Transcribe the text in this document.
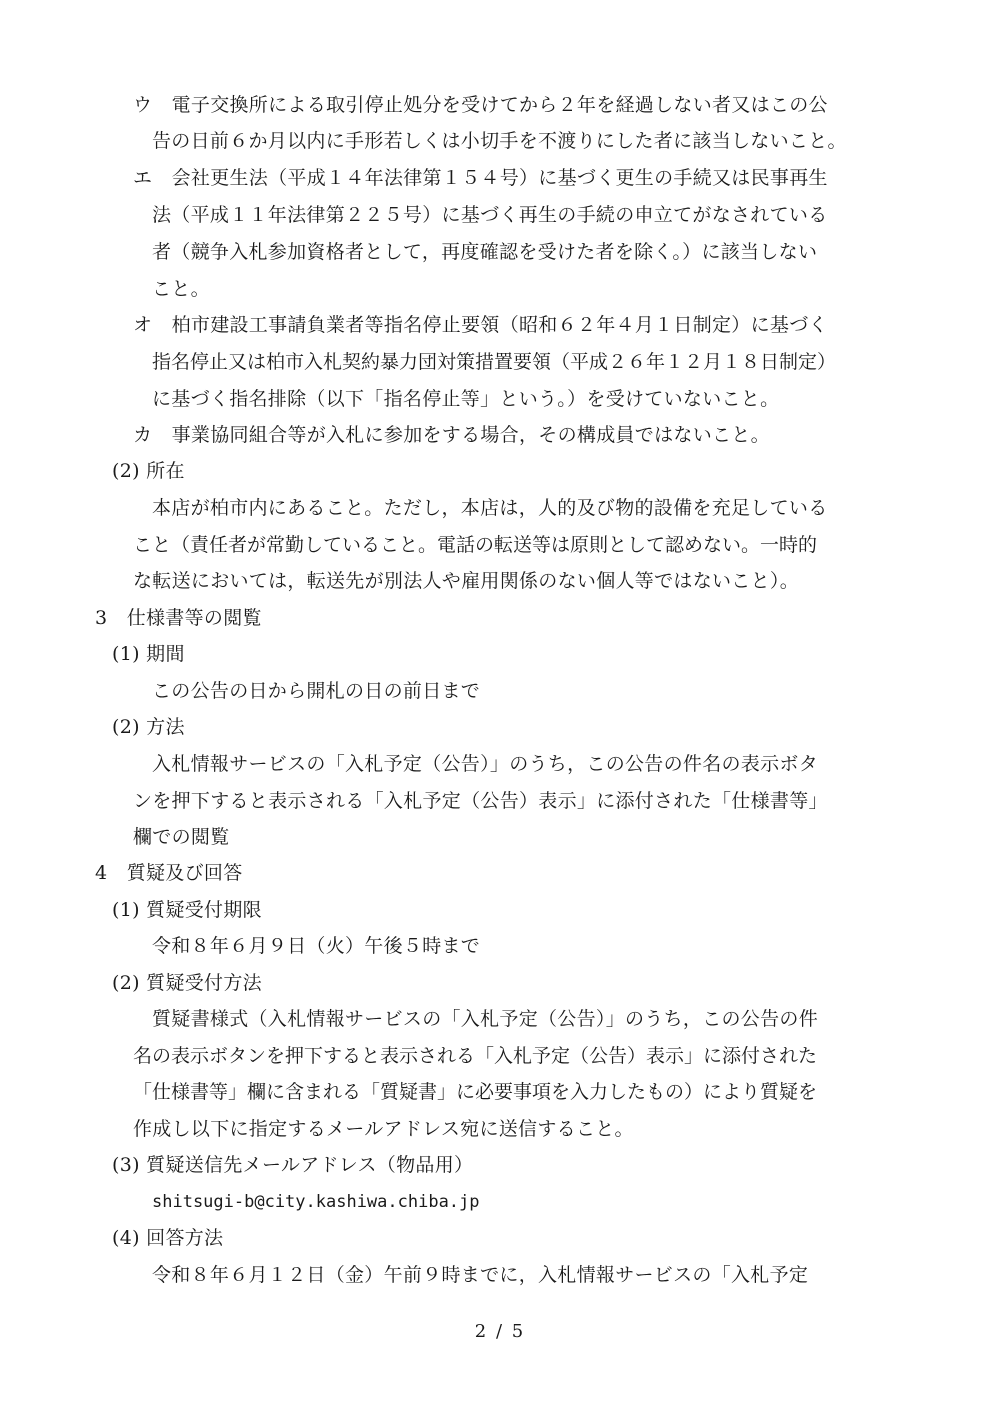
ウ　電子交換所による取引停止処分を受けてから２年を経過しない者又はこの公
告の日前６か月以内に手形若しくは小切手を不渡りにした者に該当しないこと。
エ　会社更生法（平成１４年法律第１５４号）に基づく更生の手続又は民事再生
法（平成１１年法律第２２５号）に基づく再生の手続の申立てがなされている
者（競争入札参加資格者として，再度確認を受けた者を除く。）に該当しない
こと。
オ　柏市建設工事請負業者等指名停止要領（昭和６２年４月１日制定）に基づく
指名停止又は柏市入札契約暴力団対策措置要領（平成２６年１２月１８日制定）
に基づく指名排除（以下「指名停止等」という。）を受けていないこと。
カ　事業協同組合等が入札に参加をする場合，その構成員ではないこと。
(2) 所在
本店が柏市内にあること。ただし，本店は，人的及び物的設備を充足している
こと（責任者が常勤していること。電話の転送等は原則として認めない。一時的
な転送においては，転送先が別法人や雇用関係のない個人等ではないこと）。
3　仕様書等の閲覧
(1) 期間
この公告の日から開札の日の前日まで
(2) 方法
入札情報サービスの「入札予定（公告）」のうち，この公告の件名の表示ボタ
ンを押下すると表示される「入札予定（公告）表示」に添付された「仕様書等」
欄での閲覧
4　質疑及び回答
(1) 質疑受付期限
令和８年６月９日（火）午後５時まで
(2) 質疑受付方法
質疑書様式（入札情報サービスの「入札予定（公告）」のうち，この公告の件
名の表示ボタンを押下すると表示される「入札予定（公告）表示」に添付された
「仕様書等」欄に含まれる「質疑書」に必要事項を入力したもの）により質疑を
作成し以下に指定するメールアドレス宛に送信すること。
(3) 質疑送信先メールアドレス（物品用）
shitsugi-b@city.kashiwa.chiba.jp
(4) 回答方法
令和８年６月１２日（金）午前９時までに，入札情報サービスの「入札予定
2 / 5
